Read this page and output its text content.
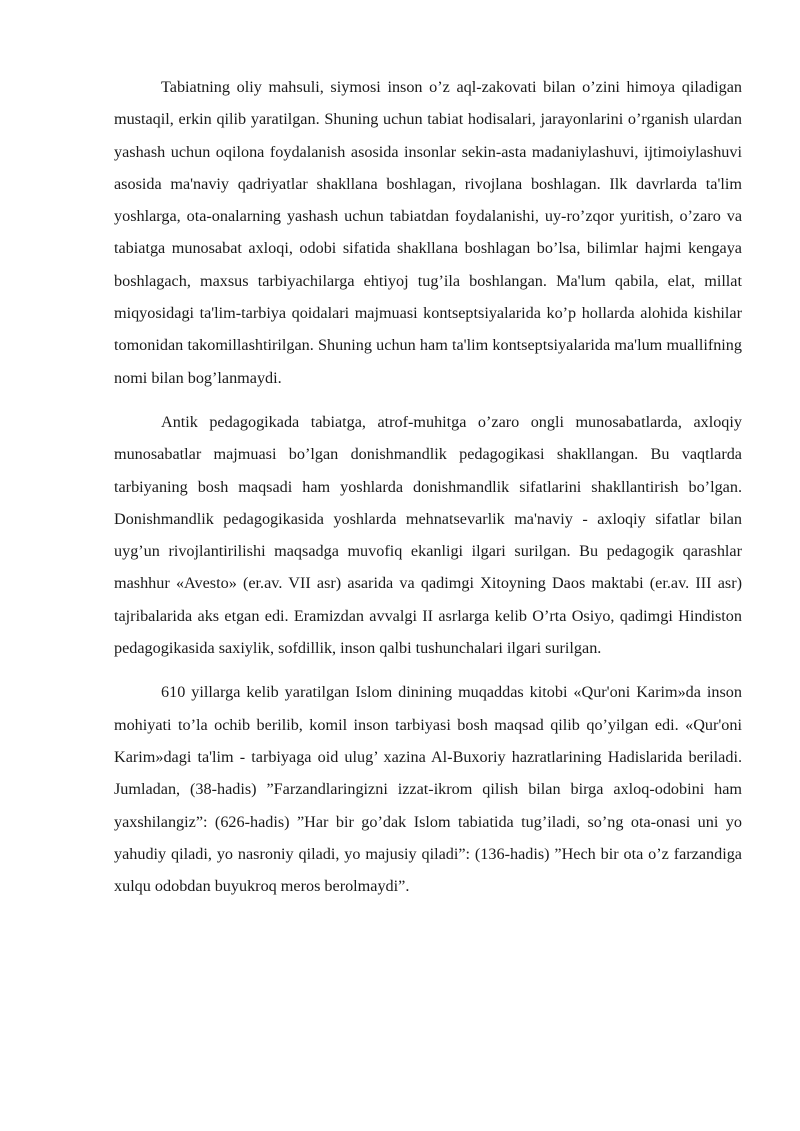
Tabiatning oliy mahsuli, siymosi inson o’z aql-zakovati bilan o’zini himoya qiladigan mustaqil, erkin qilib yaratilgan. Shuning uchun tabiat hodisalari, jarayonlarini o’rganish ulardan yashash uchun oqilona foydalanish asosida insonlar sekin-asta madaniylashuvi, ijtimoiylashuvi asosida ma'naviy qadriyatlar shakllana boshlagan, rivojlana boshlagan. Ilk davrlarda ta'lim yoshlarga, ota-onalarning yashash uchun tabiatdan foydalanishi, uy-ro’zqor yuritish, o’zaro va tabiatga munosabat axloqi, odobi sifatida shakllana boshlagan bo’lsa, bilimlar hajmi kengaya boshlagach, maxsus tarbiyachilarga ehtiyoj tug’ila boshlangan. Ma'lum qabila, elat, millat miqyosidagi ta'lim-tarbiya qoidalari majmuasi kontseptsiyalarida ko’p hollarda alohida kishilar tomonidan takomillashtirilgan. Shuning uchun ham ta'lim kontseptsiyalarida ma'lum muallifning nomi bilan bog’lanmaydi.

Antik pedagogikada tabiatga, atrof-muhitga o’zaro ongli munosabatlarda, axloqiy munosabatlar majmuasi bo’lgan donishmandlik pedagogikasi shakllangan. Bu vaqtlarda tarbiyaning bosh maqsadi ham yoshlarda donishmandlik sifatlarini shakllantirish bo’lgan. Donishmandlik pedagogikasida yoshlarda mehnatsevarlik ma'naviy - axloqiy sifatlar bilan uyg’un rivojlantirilishi maqsadga muvofiq ekanligi ilgari surilgan. Bu pedagogik qarashlar mashhur «Avesto» (er.av. VII asr) asarida va qadimgi Xitoyning Daos maktabi (er.av. III asr) tajribalarida aks etgan edi. Eramizdan avvalgi II asrlarga kelib O’rta Osiyo, qadimgi Hindiston pedagogikasida saxiylik, sofdillik, inson qalbi tushunchalari ilgari surilgan.

610 yillarga kelib yaratilgan Islom dinining muqaddas kitobi «Qur'oni Karim»da inson mohiyati to’la ochib berilib, komil inson tarbiyasi bosh maqsad qilib qo’yilgan edi. «Qur'oni Karim»dagi ta'lim - tarbiyaga oid ulug’ xazina Al-Buxoriy hazratlarining Hadislarida beriladi. Jumladan, (38-hadis) ”Farzandlaringizni izzat-ikrom qilish bilan birga axloq-odobini ham yaxshilangiz”: (626-hadis) ”Har bir go’dak Islom tabiatida tug’iladi, so’ng ota-onasi uni yo yahudiy qiladi, yo nasroniy qiladi, yo majusiy qiladi”: (136-hadis) ”Hech bir ota o’z farzandiga xulqu odobdan buyukroq meros berolmaydi”.
